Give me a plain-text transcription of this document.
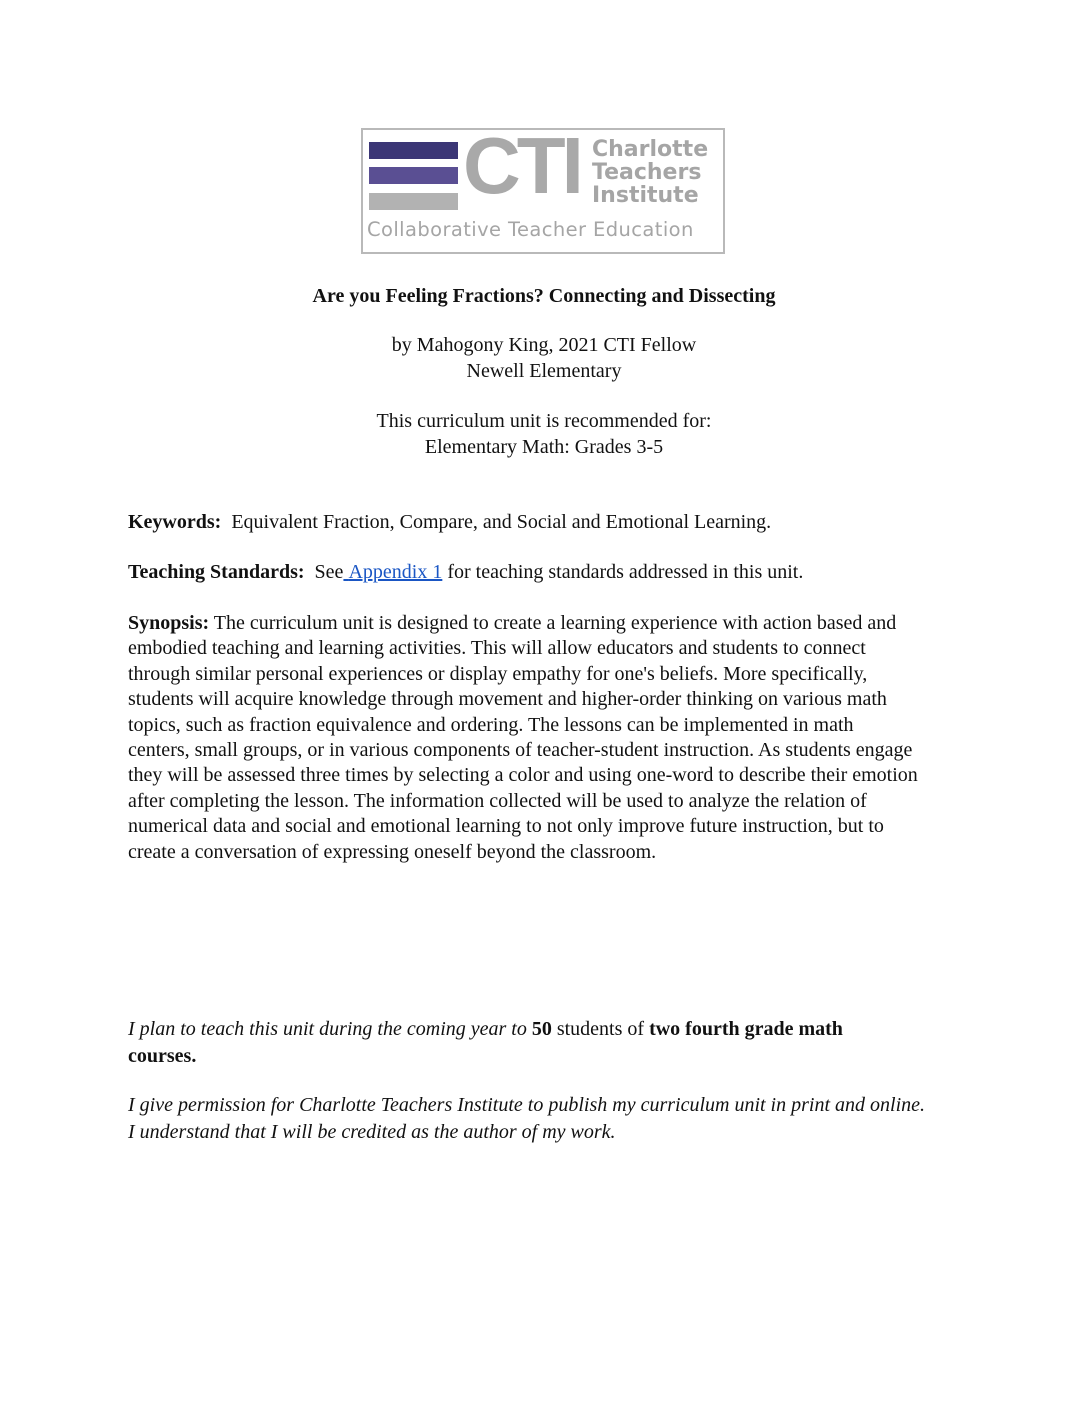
CTI Charlotte
Teachers
Institute
Collaborative Teacher Education
Are you Feeling Fractions? Connecting and Dissecting
by Mahogony King, 2021 CTI Fellow
Newell Elementary
This curriculum unit is recommended for:
Elementary Math: Grades 3-5
Keywords: Equivalent Fraction, Compare, and Social and Emotional Learning.
Teaching Standards: See Appendix 1 for teaching standards addressed in this unit.
Synopsis: The curriculum unit is designed to create a learning experience with action based and embodied teaching and learning activities. This will allow educators and students to connect through similar personal experiences or display empathy for one's beliefs. More specifically, students will acquire knowledge through movement and higher-order thinking on various math topics, such as fraction equivalence and ordering. The lessons can be implemented in math centers, small groups, or in various components of teacher-student instruction. As students engage they will be assessed three times by selecting a color and using one-word to describe their emotion after completing the lesson. The information collected will be used to analyze the relation of numerical data and social and emotional learning to not only improve future instruction, but to create a conversation of expressing oneself beyond the classroom.
I plan to teach this unit during the coming year to 50 students of two fourth grade math courses.
I give permission for Charlotte Teachers Institute to publish my curriculum unit in print and online. I understand that I will be credited as the author of my work.
